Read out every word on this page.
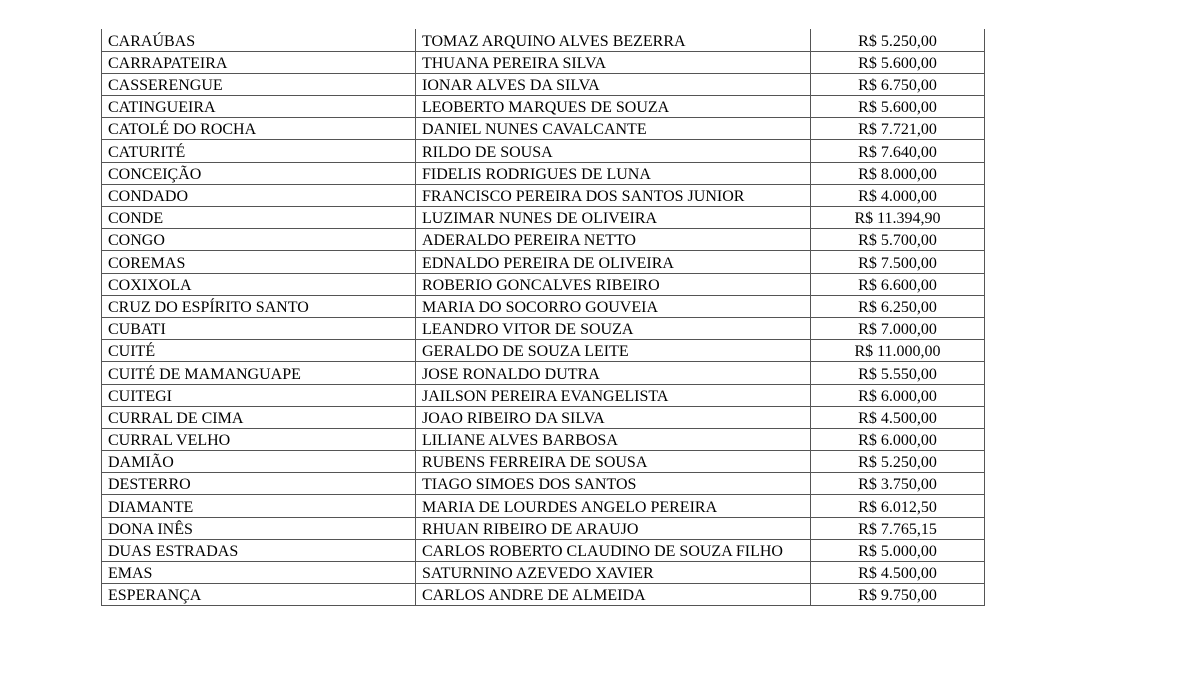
CARAÚBAS	TOMAZ ARQUINO ALVES BEZERRA	R$ 5.250,00
CARRAPATEIRA	THUANA PEREIRA SILVA	R$ 5.600,00
CASSERENGUE	IONAR ALVES DA SILVA	R$ 6.750,00
CATINGUEIRA	LEOBERTO MARQUES DE SOUZA	R$ 5.600,00
CATOLÉ DO ROCHA	DANIEL NUNES CAVALCANTE	R$ 7.721,00
CATURITÉ	RILDO DE SOUSA	R$ 7.640,00
CONCEIÇÃO	FIDELIS RODRIGUES DE LUNA	R$ 8.000,00
CONDADO	FRANCISCO PEREIRA DOS SANTOS JUNIOR	R$ 4.000,00
CONDE	LUZIMAR NUNES DE OLIVEIRA	R$ 11.394,90
CONGO	ADERALDO PEREIRA NETTO	R$ 5.700,00
COREMAS	EDNALDO PEREIRA DE OLIVEIRA	R$ 7.500,00
COXIXOLA	ROBERIO GONCALVES RIBEIRO	R$ 6.600,00
CRUZ DO ESPÍRITO SANTO	MARIA DO SOCORRO GOUVEIA	R$ 6.250,00
CUBATI	LEANDRO VITOR DE SOUZA	R$ 7.000,00
CUITÉ	GERALDO DE SOUZA LEITE	R$ 11.000,00
CUITÉ DE MAMANGUAPE	JOSE RONALDO DUTRA	R$ 5.550,00
CUITEGI	JAILSON PEREIRA EVANGELISTA	R$ 6.000,00
CURRAL DE CIMA	JOAO RIBEIRO DA SILVA	R$ 4.500,00
CURRAL VELHO	LILIANE ALVES BARBOSA	R$ 6.000,00
DAMIÃO	RUBENS FERREIRA DE SOUSA	R$ 5.250,00
DESTERRO	TIAGO SIMOES DOS SANTOS	R$ 3.750,00
DIAMANTE	MARIA DE LOURDES ANGELO PEREIRA	R$ 6.012,50
DONA INÊS	RHUAN RIBEIRO DE ARAUJO	R$ 7.765,15
DUAS ESTRADAS	CARLOS ROBERTO CLAUDINO DE SOUZA FILHO	R$ 5.000,00
EMAS	SATURNINO AZEVEDO XAVIER	R$ 4.500,00
ESPERANÇA	CARLOS ANDRE DE ALMEIDA	R$ 9.750,00
